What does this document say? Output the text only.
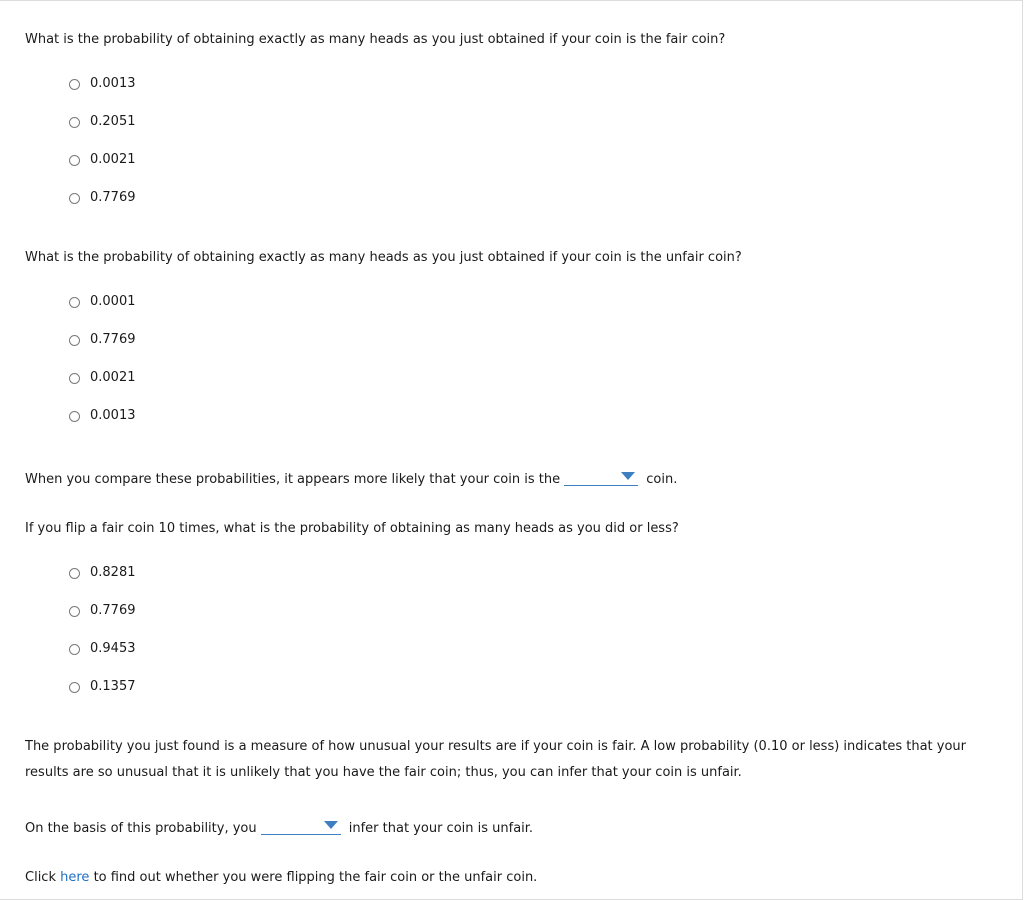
What is the probability of obtaining exactly as many heads as you just obtained if your coin is the fair coin?
0.0013
0.2051
0.0021
0.7769
What is the probability of obtaining exactly as many heads as you just obtained if your coin is the unfair coin?
0.0001
0.7769
0.0021
0.0013
When you compare these probabilities, it appears more likely that your coin is the	coin.
If you flip a fair coin 10 times, what is the probability of obtaining as many heads as you did or less?
0.8281
0.7769
0.9453
0.1357
The probability you just found is a measure of how unusual your results are if your coin is fair. A low probability (0.10 or less) indicates that your results are so unusual that it is unlikely that you have the fair coin; thus, you can infer that your coin is unfair.
On the basis of this probability, you	infer that your coin is unfair.
Click here to find out whether you were flipping the fair coin or the unfair coin.
